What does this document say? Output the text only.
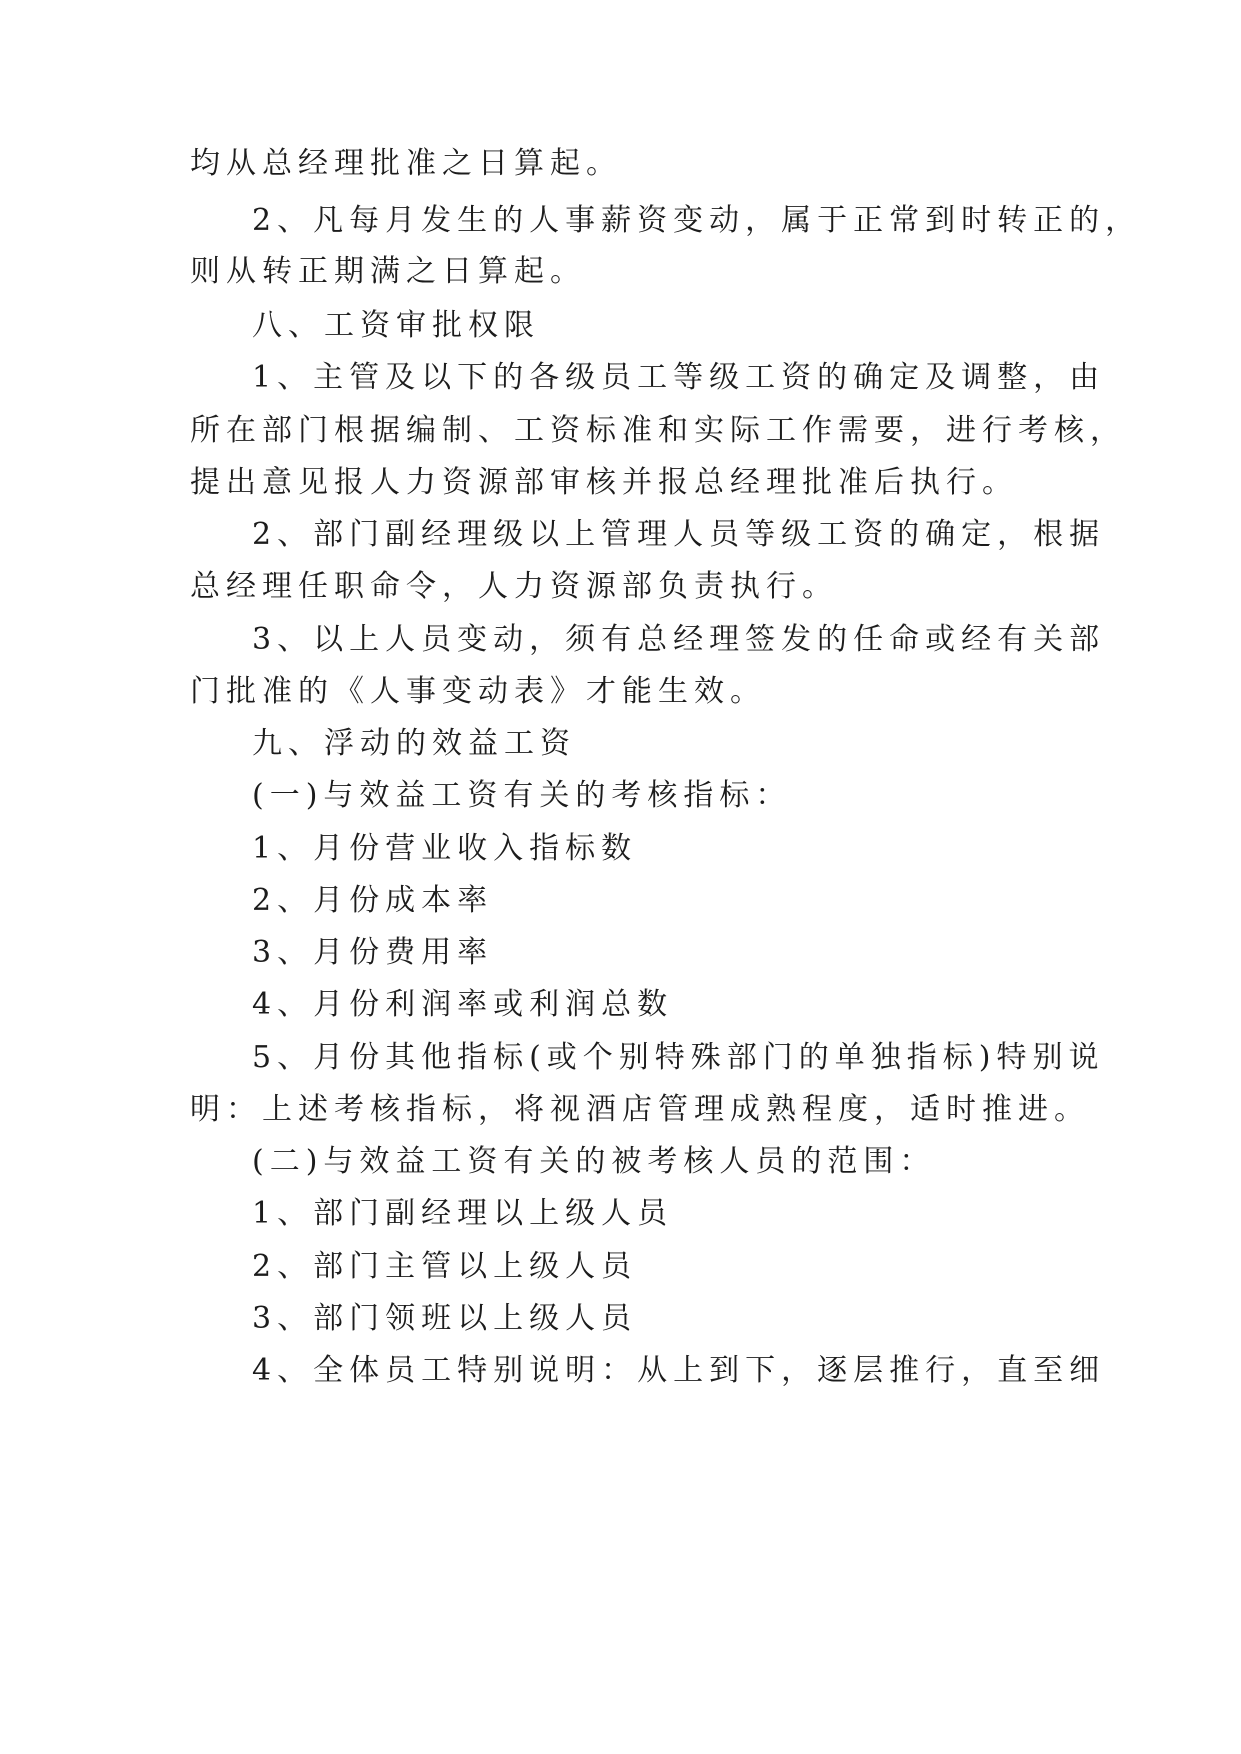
均从总经理批准之日算起。
2、凡每月发生的人事薪资变动，属于正常到时转正的，
则从转正期满之日算起。
八、工资审批权限
1、主管及以下的各级员工等级工资的确定及调整，由
所在部门根据编制、工资标准和实际工作需要，进行考核，
提出意见报人力资源部审核并报总经理批准后执行。
2、部门副经理级以上管理人员等级工资的确定，根据
总经理任职命令，人力资源部负责执行。
3、以上人员变动，须有总经理签发的任命或经有关部
门批准的《人事变动表》才能生效。
九、浮动的效益工资
(一)与效益工资有关的考核指标：
1、月份营业收入指标数
2、月份成本率
3、月份费用率
4、月份利润率或利润总数
5、月份其他指标(或个别特殊部门的单独指标)特别说
明：上述考核指标，将视酒店管理成熟程度，适时推进。
(二)与效益工资有关的被考核人员的范围：
1、部门副经理以上级人员
2、部门主管以上级人员
3、部门领班以上级人员
4、全体员工特别说明：从上到下，逐层推行，直至细
